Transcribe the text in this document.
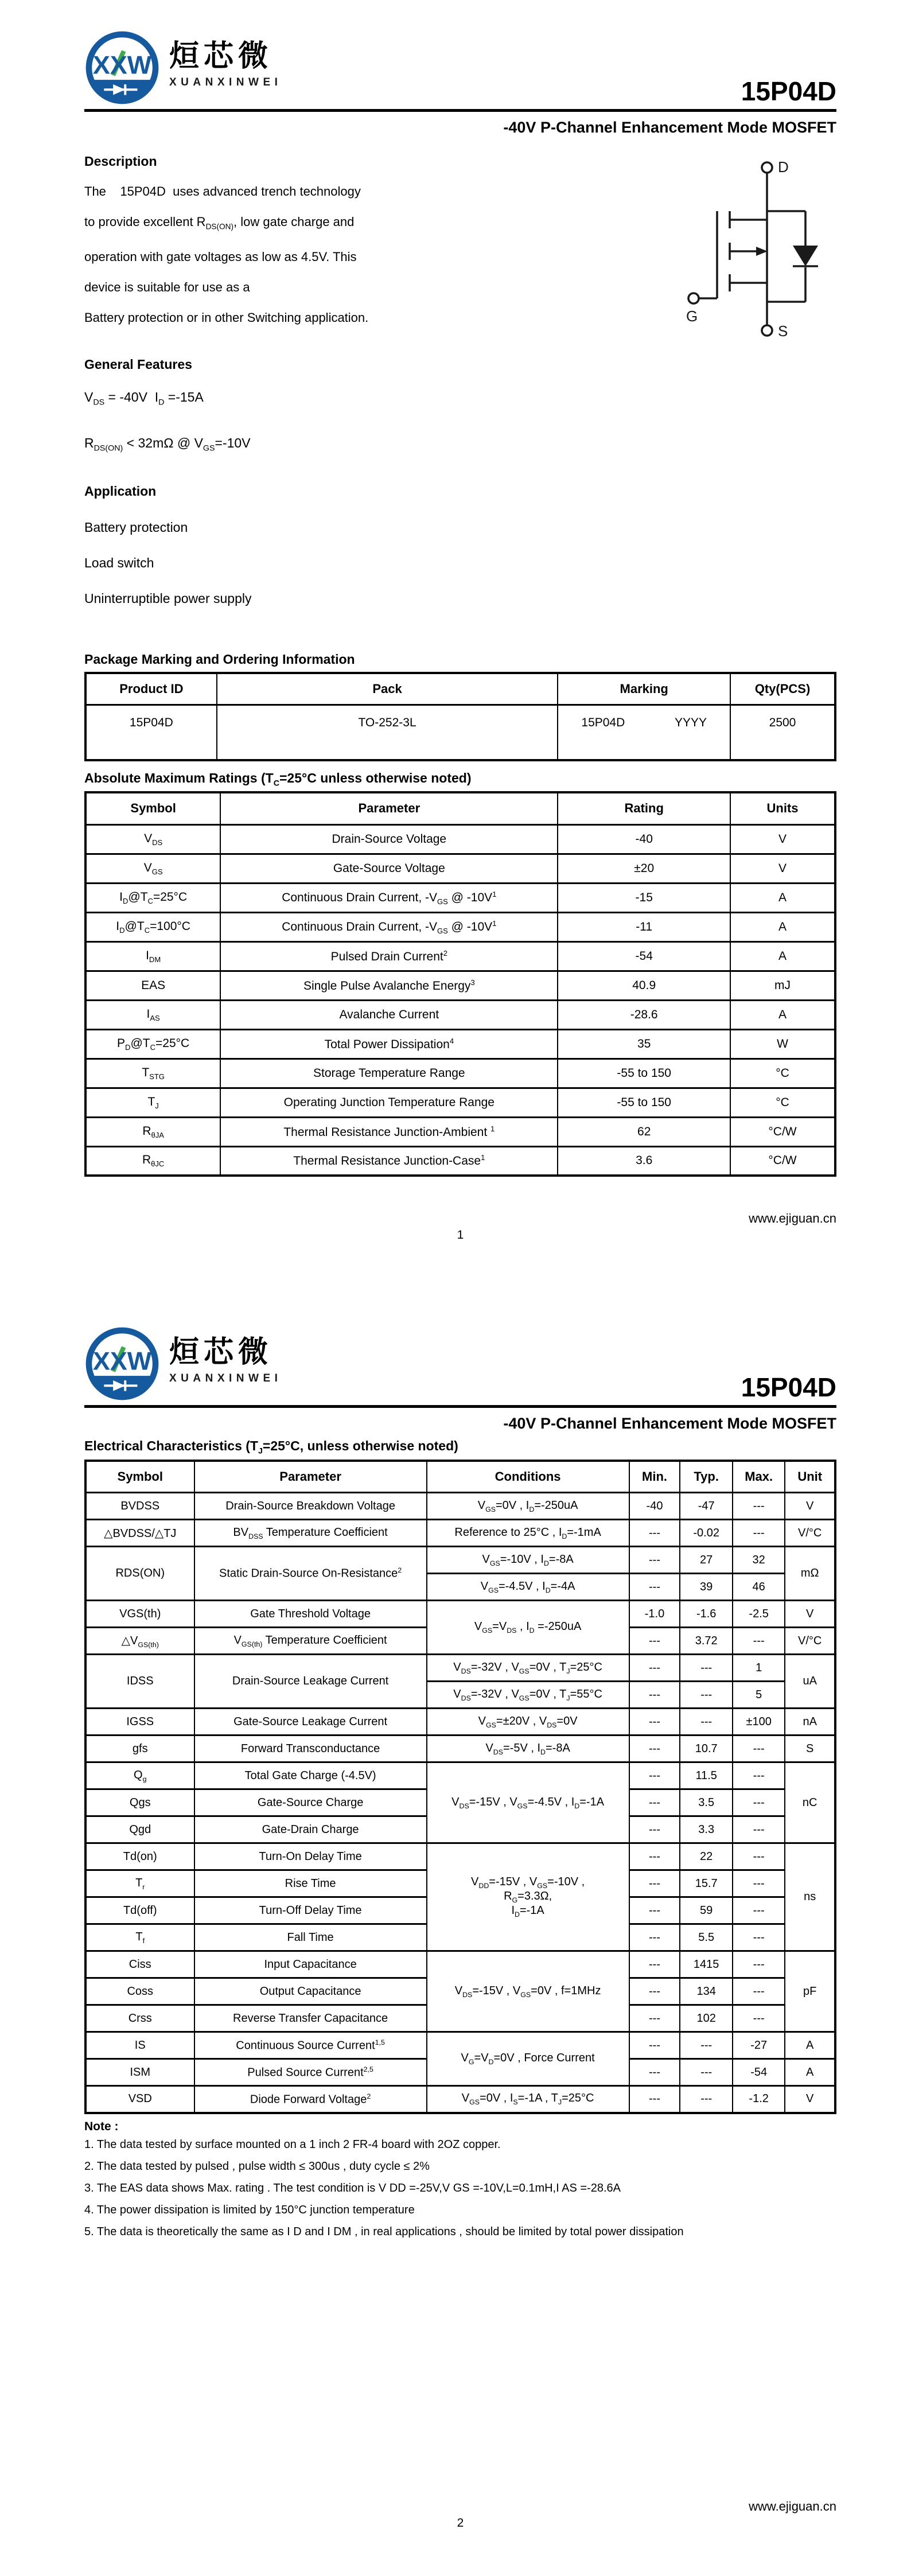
XXW 烜芯微
XUANXINWEI	15P04D
-40V P-Channel Enhancement Mode MOSFET
Description

The    15P04D  uses advanced trench technology

to provide excellent $R_{DS(ON)}$, low gate charge and

operation with gate voltages as low as 4.5V. This

device is suitable for use as a

Battery protection or in other Switching application.

General Features

$V_{DS} = -40V$  $I_D =-15A$

$R_{DS(ON)} < 32m\Omega$ @ $V_{GS}=-10V$

Application

Battery protection

Load switch

Uninterruptible power supply

D
G
S
Package Marking and Ordering Information
Product ID	Pack	Marking	Qty(PCS)
15P04D	TO-252-3L	15P04D YYYY	2500
Absolute Maximum Ratings ($T_C=25^\circ C$ unless otherwise noted)
Symbol	Parameter	Rating	Units
$V_{DS}$	Drain-Source Voltage	-40	V
$V_{GS}$	Gate-Source Voltage	±20	V
$I_D@T_C=25^\circ C$	Continuous Drain Current, $-V_{GS}$ @ $-10V^1$	-15	A
$I_D@T_C=100^\circ C$	Continuous Drain Current, $-V_{GS}$ @ $-10V^1$	-11	A
$I_{DM}$	Pulsed Drain Current$^2$	-54	A
EAS	Single Pulse Avalanche Energy$^3$	40.9	mJ
$I_{AS}$	Avalanche Current	-28.6	A
$P_D@T_C=25^\circ C$	Total Power Dissipation$^4$	35	W
$T_{STG}$	Storage Temperature Range	-55 to 150	°C
$T_J$	Operating Junction Temperature Range	-55 to 150	°C
$R_{\theta JA}$	Thermal Resistance Junction-Ambient $^1$	62	°C/W
$R_{\theta JC}$	Thermal Resistance Junction-Case$^1$	3.6	°C/W
www.ejiguan.cn
1
XXW 烜芯微
XUANXINWEI	15P04D
-40V P-Channel Enhancement Mode MOSFET
Electrical Characteristics ($T_J=25^\circ C$, unless otherwise noted)
Symbol	Parameter	Conditions	Min.	Typ.	Max.	Unit
BVDSS	Drain-Source Breakdown Voltage	$V_{GS}=0V$ , $I_D=-250uA$	-40	-47	---	V
△BVDSS/△TJ	$BV_{DSS}$ Temperature Coefficient	Reference to 25°C , $I_D=-1mA$	---	-0.02	---	V/°C
RDS(ON)	Static Drain-Source On-Resistance$^2$	$V_{GS}=-10V$ , $I_D=-8A$	---	27	32	mΩ
		$V_{GS}=-4.5V$ , $I_D=-4A$	---	39	46	
VGS(th)	Gate Threshold Voltage	$V_{GS}=V_{DS}$ , $I_D =-250uA$	-1.0	-1.6	-2.5	V
$\triangle V_{GS(th)}$	$V_{GS(th)}$ Temperature Coefficient		---	3.72	---	V/°C
IDSS	Drain-Source Leakage Current	$V_{DS}=-32V$ , $V_{GS}=0V$ , $T_J=25^\circ C$	---	---	1	uA
		$V_{DS}=-32V$ , $V_{GS}=0V$ , $T_J=55^\circ C$	---	---	5	
IGSS	Gate-Source Leakage Current	$V_{GS}=\pm 20V$ , $V_{DS}=0V$	---	---	±100	nA
gfs	Forward Transconductance	$V_{DS}=-5V$ , $I_D=-8A$	---	10.7	---	S
$Q_g$	Total Gate Charge (-4.5V)	$V_{DS}=-15V$ , $V_{GS}=-4.5V$ , $I_D=-1A$	---	11.5	---	nC
Qgs	Gate-Source Charge		---	3.5	---	
Qgd	Gate-Drain Charge		---	3.3	---	
Td(on)	Turn-On Delay Time	$V_{DD}=-15V$ , $V_{GS}=-10V$ ,
$R_G=3.3\Omega$,
$I_D=-1A$	---	22	---	ns
$T_r$	Rise Time		---	15.7	---	
Td(off)	Turn-Off Delay Time		---	59	---	
$T_f$	Fall Time		---	5.5	---	
Ciss	Input Capacitance	$V_{DS}=-15V$ , $V_{GS}=0V$ , f=1MHz	---	1415	---	pF
Coss	Output Capacitance		---	134	---	
Crss	Reverse Transfer Capacitance		---	102	---	
IS	Continuous Source Current$^{1,5}$	$V_G=V_D=0V$ , Force Current	---	---	-27	A
ISM	Pulsed Source Current$^{2,5}$		---	---	-54	A
VSD	Diode Forward Voltage$^2$	$V_{GS}=0V$ , $I_S=-1A$ , $T_J=25^\circ C$	---	---	-1.2	V
Note :

1. The data tested by surface mounted on a 1 inch 2 FR-4 board with 2OZ copper.

2. The data tested by pulsed , pulse width ≤ 300us , duty cycle ≤ 2%

3. The EAS data shows Max. rating . The test condition is V DD =-25V,V GS =-10V,L=0.1mH,I AS =-28.6A

4. The power dissipation is limited by 150°C junction temperature

5. The data is theoretically the same as I D and I DM , in real applications , should be limited by total power dissipation

www.ejiguan.cn
2
